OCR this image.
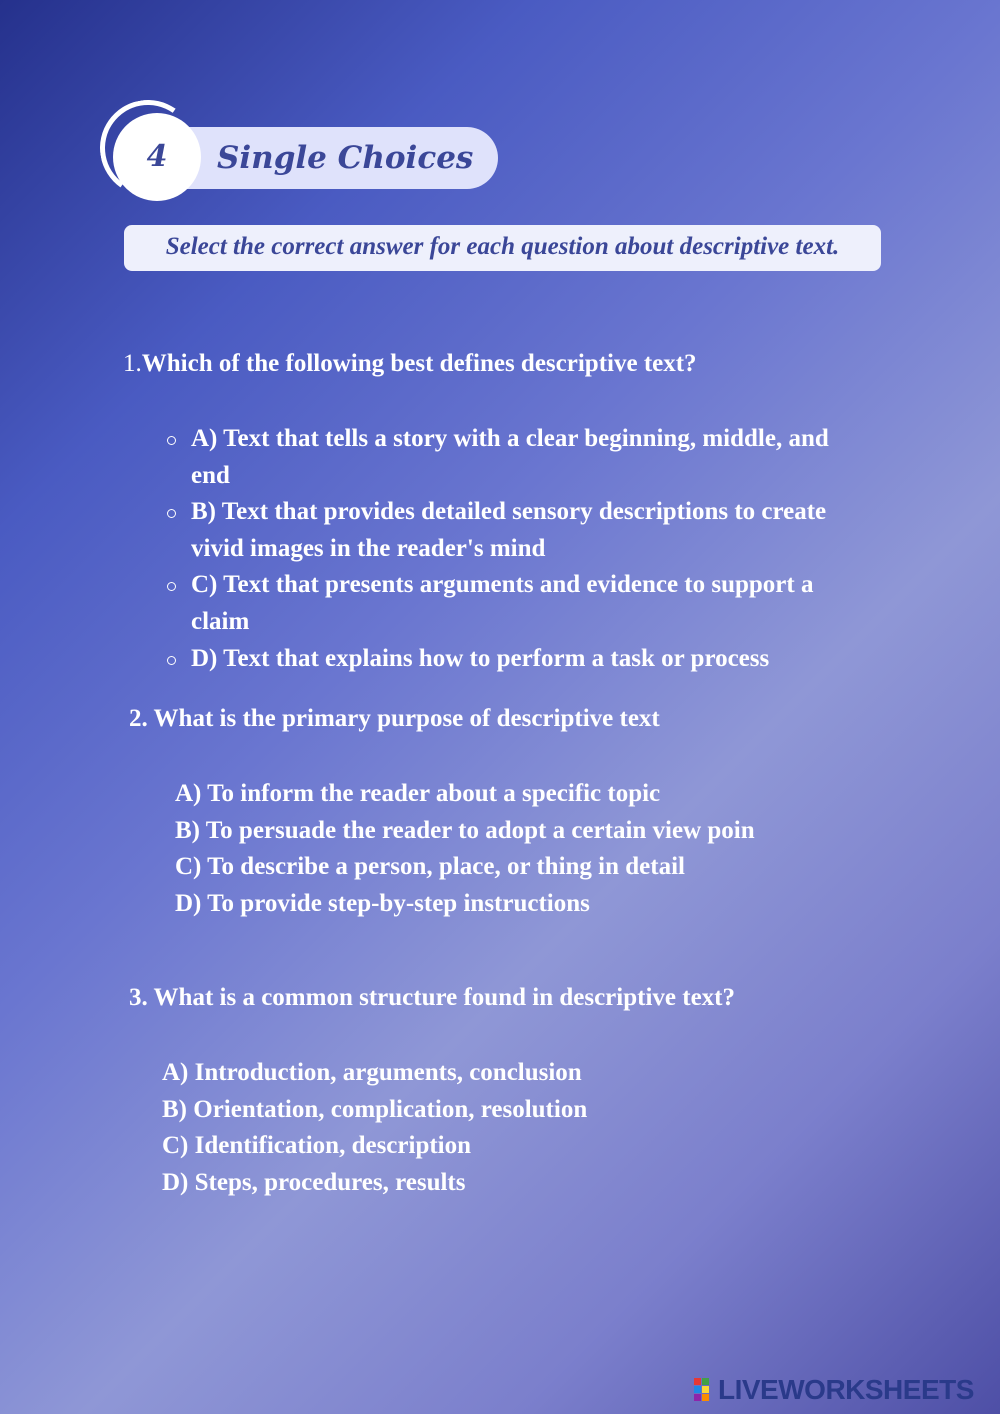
Single Choices
4
Select the correct answer for each question about descriptive text.
1.Which of the following best defines descriptive text?
A) Text that tells a story with a clear beginning, middle, and end
B) Text that provides detailed sensory descriptions to create vivid images in the reader's mind
C) Text that presents arguments and evidence to support a claim
D) Text that explains how to perform a task or process
2. What is the primary purpose of descriptive text
A) To inform the reader about a specific topic
B) To persuade the reader to adopt a certain view poin
C) To describe a person, place, or thing in detail
D) To provide step-by-step instructions
3. What is a common structure found in descriptive text?
A) Introduction, arguments, conclusion
B) Orientation, complication, resolution
C) Identification, description
D) Steps, procedures, results
LIVEWORKSHEETS
